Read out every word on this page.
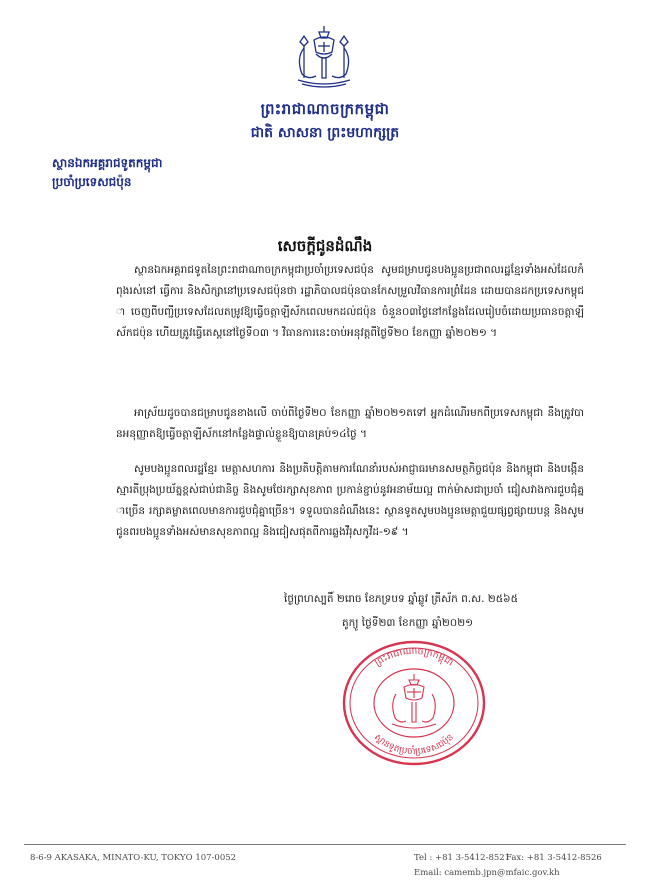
ព្រះរាជាណាចក្រកម្ពុជា
ជាតិ សាសនា ព្រះមហាក្សត្រ
ស្ថានឯកអគ្គរាជទូតកម្ពុជា
ប្រចាំប្រទេសជប៉ុន
សេចក្ដីជូនដំណឹង
ស្ថានឯកអគ្គរាជទូតនៃព្រះរាជាណាចក្រកម្ពុជាប្រចាំប្រទេសជប៉ុន សូមជម្រាបជូនបងប្អូនប្រជាពលរដ្ឋខ្មែរទាំងអស់ដែលកំពុងរស់នៅ ធ្វើការ និងសិក្សានៅប្រទេសជប៉ុនថា រដ្ឋាភិបាលជប៉ុនបានកែសម្រួលវិធានការព្រំដែន ដោយបានដកប្រទេសកម្ពុជា ចេញពីបញ្ជីប្រទេសដែលតម្រូវឱ្យធ្វើចត្តាឡីស័កពេលមកដល់ជប៉ុន ចំនួន០៣ថ្ងៃនៅកន្លែងដែលរៀបចំដោយប្រធានចត្តាឡីស័កជប៉ុន ហើយត្រូវធ្វើតេស្តនៅថ្ងៃទី០៣ ។ វិធានការនេះចាប់អនុវត្តពីថ្ងៃទី២០ ខែកញ្ញា ឆ្នាំ២០២១ ។
អាស្រ័យដូចបានជម្រាបជូនខាងលើ ចាប់ពីថ្ងៃទី២០ ខែកញ្ញា ឆ្នាំ២០២១តទៅ អ្នកដំណើរមកពីប្រទេសកម្ពុជា នឹងត្រូវបានអនុញ្ញាតឱ្យធ្វើចត្តាឡីស័កនៅកន្លែងផ្ទាល់ខ្លួនឱ្យបានគ្រប់១៤ថ្ងៃ ។
សូមបងប្អូនពលរដ្ឋខ្មែរ មេត្តាសហការ និងប្រតិបត្តិតាមការណែនាំរបស់អាជ្ញាធរមានសមត្ថកិច្ចជប៉ុន និងកម្ពុជា និងបង្កើនស្មារតីប្រុងប្រយ័ត្នខ្ពស់ជាប់ជានិច្ច និងសូមថែរក្សាសុខភាព ប្រកាន់ខ្ជាប់នូវអនាម័យល្អ ពាក់ម៉ាសជាប្រចាំ ជៀសវាងការជួបជុំគ្នាច្រើន រក្សាគម្លាតពេលមានការជួបជុំគ្នាច្រើន។ ទទួលបានដំណឹងនេះ ស្ថានទូតសូមបងប្អូនមេត្តាជួយផ្សព្វផ្សាយបន្ត និងសូមជូនពរបងប្អូនទាំងអស់មានសុខភាពល្អ និងជៀសផុតពីការឆ្លងវីរុសកូវីដ-១៩ ។
ថ្ងៃព្រហស្បតិ៍ ២រោច ខែភទ្របទ ឆ្នាំឆ្លូវ ត្រីស័ក ព.ស. ២៥៦៥
តូក្យូ ថ្ងៃទី២៣ ខែកញ្ញា ឆ្នាំ២០២១
ព្រះរាជាណាចក្រកម្ពុជា
ស្ថានទូតប្រចាំប្រទេសជប៉ុន
8-6-9 AKASAKA, MINATO-KU, TOKYO 107-0052	Tel : +81 3-5412-8521
Fax: +81 3-5412-8526
Email: camemb.jpn@mfaic.gov.kh
